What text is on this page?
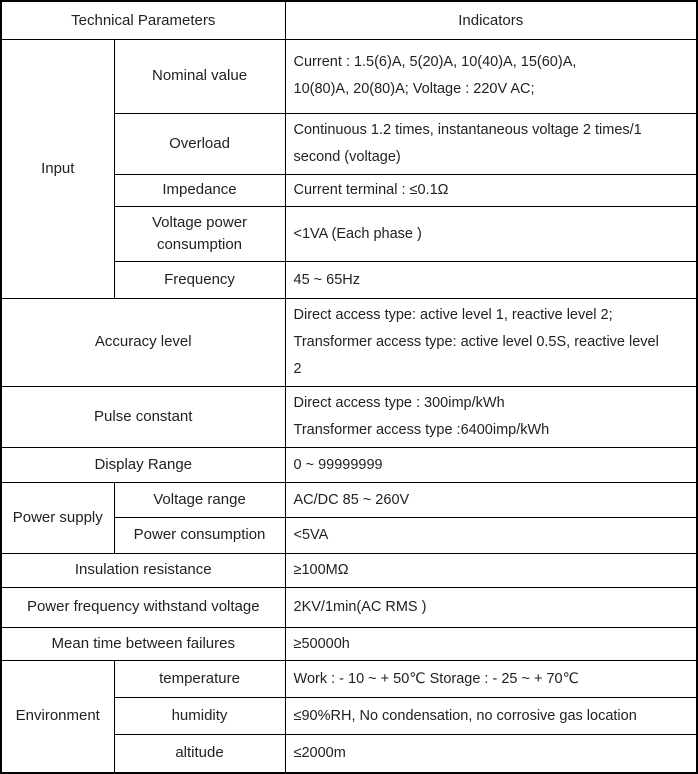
Technical Parameters		Indicators
Input	Nominal value	Current : 1.5(6)A, 5(20)A, 10(40)A, 15(60)A,
10(80)A, 20(80)A; Voltage : 220V AC;

	Overload	Continuous 1.2 times, instantaneous voltage 2 times/1
second (voltage)

	Impedance	Current terminal : ≤0.1Ω
	Voltage power consumption	<1VA (Each phase )
	Frequency	45 ~ 65Hz
Accuracy level		Direct access type: active level 1, reactive level 2;
Transformer access type: active level 0.5S, reactive level
2

Pulse constant		Direct access type : 300imp/kWh
Transformer access type :6400imp/kWh

Display Range		0 ~ 99999999
Power supply	Voltage range	AC/DC 85 ~ 260V
	Power consumption	<5VA
Insulation resistance		≥100MΩ
Power frequency withstand voltage		2KV/1min(AC RMS )
Mean time between failures		≥50000h
Environment	temperature	Work : - 10 ~ + 50℃ Storage : - 25 ~ + 70℃
	humidity	≤90%RH, No condensation, no corrosive gas location
	altitude	≤2000m
